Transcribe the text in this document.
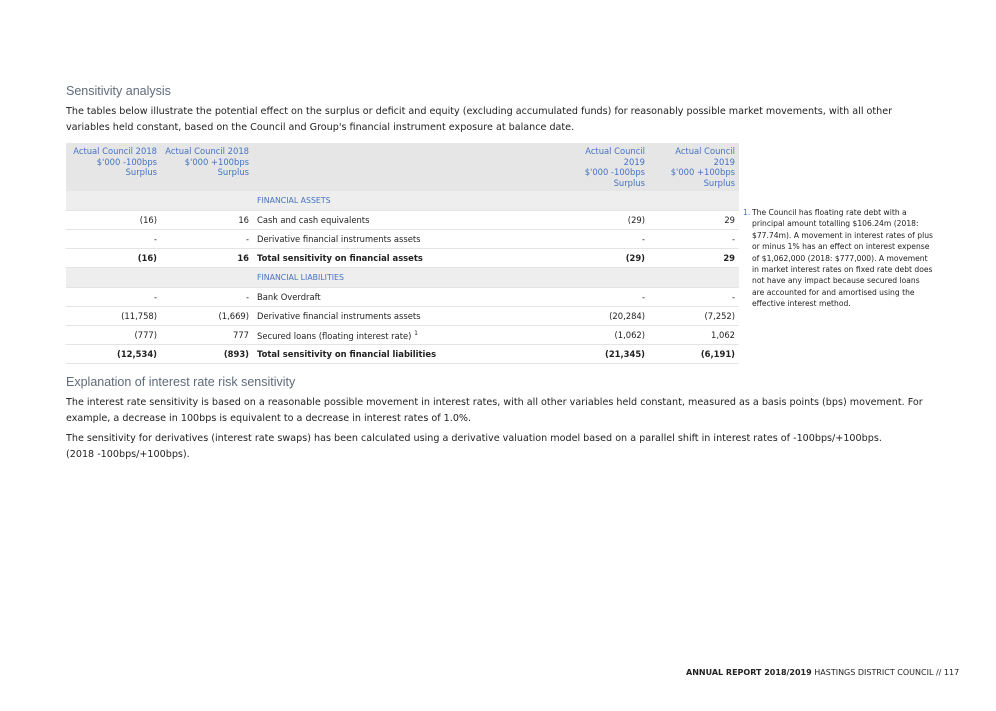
Sensitivity analysis

The tables below illustrate the potential effect on the surplus or deficit and equity (excluding accumulated funds) for reasonably possible market movements, with all other variables held constant, based on the Council and Group's financial instrument exposure at balance date.

Actual Council 2018
$'000 -100bps
Surplus	Actual Council 2018
$'000 +100bps
Surplus		Actual Council 2019
$'000 -100bps
Surplus	Actual Council 2019
$'000 +100bps
Surplus
		FINANCIAL ASSETS		
(16)	16	Cash and cash equivalents	(29)	29
-	-	Derivative financial instruments assets	-	-
(16)	16	Total sensitivity on financial assets	(29)	29
		FINANCIAL LIABILITIES		
-	-	Bank Overdraft	-	-
(11,758)	(1,669)	Derivative financial instruments assets	(20,284)	(7,252)
(777)	777	Secured loans (floating interest rate) $^1$	(1,062)	1,062
(12,534)	(893)	Total sensitivity on financial liabilities	(21,345)	(6,191)
1. The Council has floating rate debt with a principal amount totalling $106.24m (2018: $77.74m). A movement in interest rates of plus or minus 1% has an effect on interest expense of $1,062,000 (2018: $777,000). A movement in market interest rates on fixed rate debt does not have any impact because secured loans are accounted for and amortised using the effective interest method.
Explanation of interest rate risk sensitivity

The interest rate sensitivity is based on a reasonable possible movement in interest rates, with all other variables held constant, measured as a basis points (bps) movement. For example, a decrease in 100bps is equivalent to a decrease in interest rates of 1.0%.

The sensitivity for derivatives (interest rate swaps) has been calculated using a derivative valuation model based on a parallel shift in interest rates of -100bps/+100bps.
(2018 -100bps/+100bps).

ANNUAL REPORT 2018/2019 HASTINGS DISTRICT COUNCIL // 117
